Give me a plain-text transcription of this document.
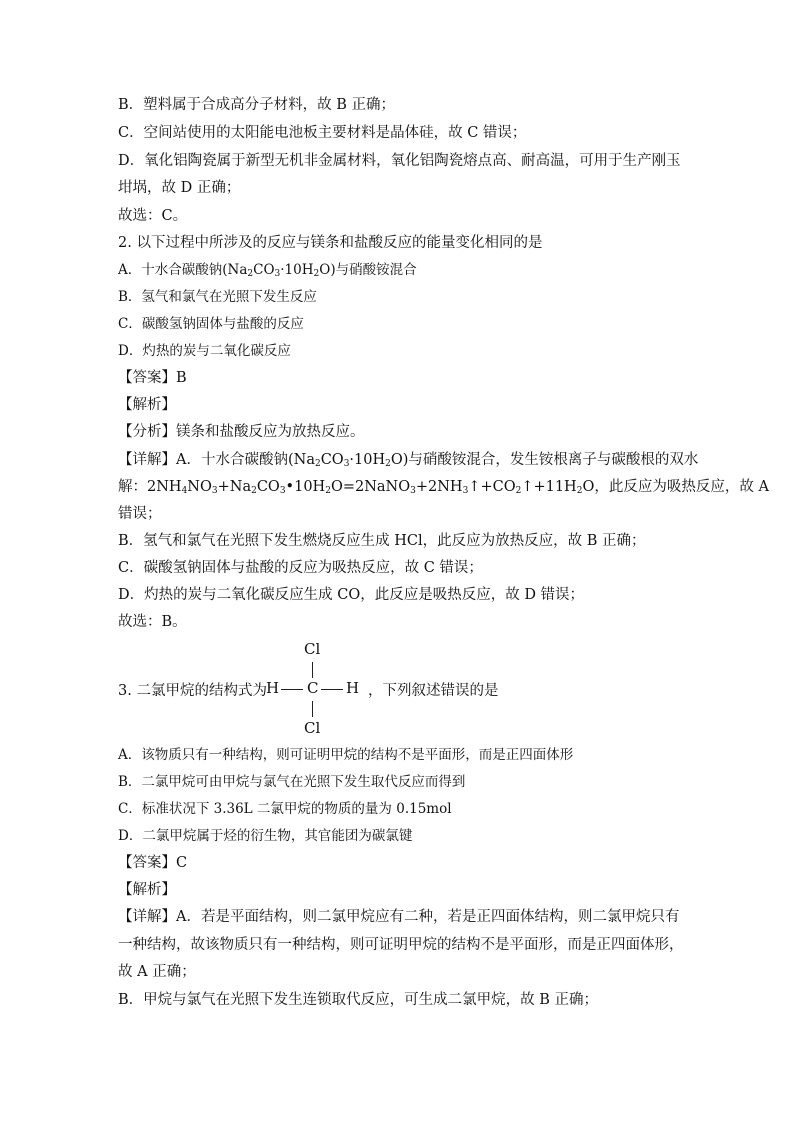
B．塑料属于合成高分子材料，故 B 正确；
C．空间站使用的太阳能电池板主要材料是晶体硅，故 C 错误；
D．氧化铝陶瓷属于新型无机非金属材料，氧化铝陶瓷熔点高、耐高温，可用于生产刚玉
坩埚，故 D 正确；
故选：C。
2. 以下过程中所涉及的反应与镁条和盐酸反应的能量变化相同的是
A．十水合碳酸钠$(Na_2CO_3\cdot 10H_2O)$与硝酸铵混合
B．氢气和氯气在光照下发生反应
C．碳酸氢钠固体与盐酸的反应
D．灼热的炭与二氧化碳反应
【答案】B
【解析】
【分析】镁条和盐酸反应为放热反应。
【详解】A．十水合碳酸钠$(Na_2CO_3\cdot 10H_2O)$与硝酸铵混合，发生铵根离子与碳酸根的双水
解：$2NH_4NO_3+Na_2CO_3•10H_2O=2NaNO_3+2NH_3↑+CO_2↑+11H_2O$，此反应为吸热反应，故 A
错误；
B．氢气和氯气在光照下发生燃烧反应生成 HCl，此反应为放热反应，故 B 正确；
C．碳酸氢钠固体与盐酸的反应为吸热反应，故 C 错误；
D．灼热的炭与二氧化碳反应生成 CO，此反应是吸热反应，故 D 错误；
故选：B。
3. 二氯甲烷的结构式为
Cl
H C H
Cl
，下列叙述错误的是
A．该物质只有一种结构，则可证明甲烷的结构不是平面形，而是正四面体形
B．二氯甲烷可由甲烷与氯气在光照下发生取代反应而得到
C．标准状况下 3.36L 二氯甲烷的物质的量为 0.15mol
D．二氯甲烷属于烃的衍生物，其官能团为碳氯键
【答案】C
【解析】
【详解】A．若是平面结构，则二氯甲烷应有二种，若是正四面体结构，则二氯甲烷只有
一种结构，故该物质只有一种结构，则可证明甲烷的结构不是平面形，而是正四面体形，
故 A 正确；
B．甲烷与氯气在光照下发生连锁取代反应，可生成二氯甲烷，故 B 正确；
